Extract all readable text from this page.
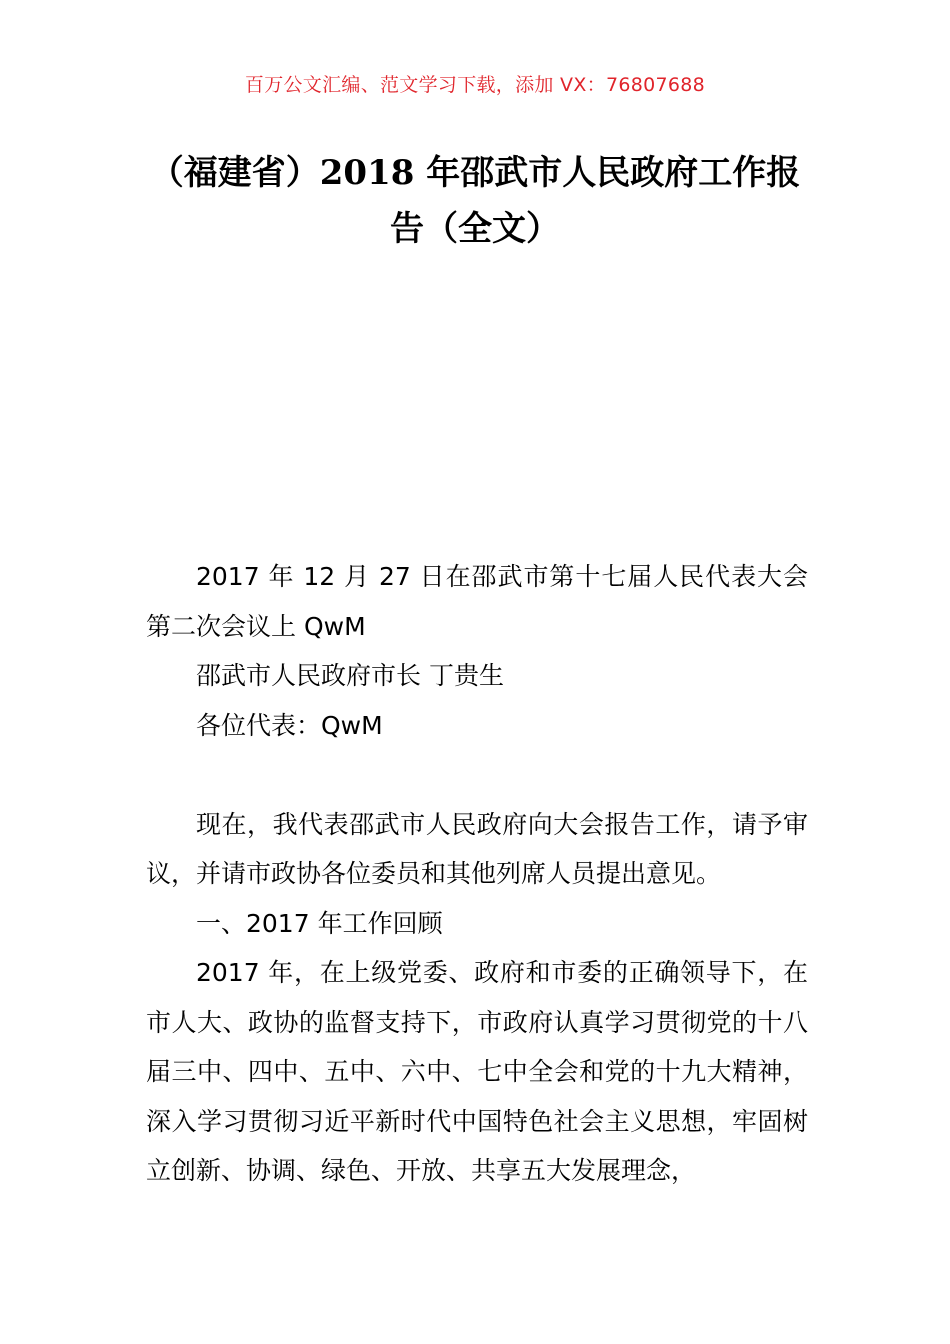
百万公文汇编、范文学习下载，添加 VX：76807688
（福建省）2018 年邵武市人民政府工作报告（全文）

2017 年 12 月 27 日在邵武市第十七届人民代表大会第二次会议上 QwM

邵武市人民政府市长 丁贵生

各位代表：QwM

现在，我代表邵武市人民政府向大会报告工作，请予审议，并请市政协各位委员和其他列席人员提出意见。

一、2017 年工作回顾

2017 年，在上级党委、政府和市委的正确领导下，在市人大、政协的监督支持下，市政府认真学习贯彻党的十八届三中、四中、五中、六中、七中全会和党的十九大精神，深入学习贯彻习近平新时代中国特色社会主义思想，牢固树立创新、协调、绿色、开放、共享五大发展理念，
